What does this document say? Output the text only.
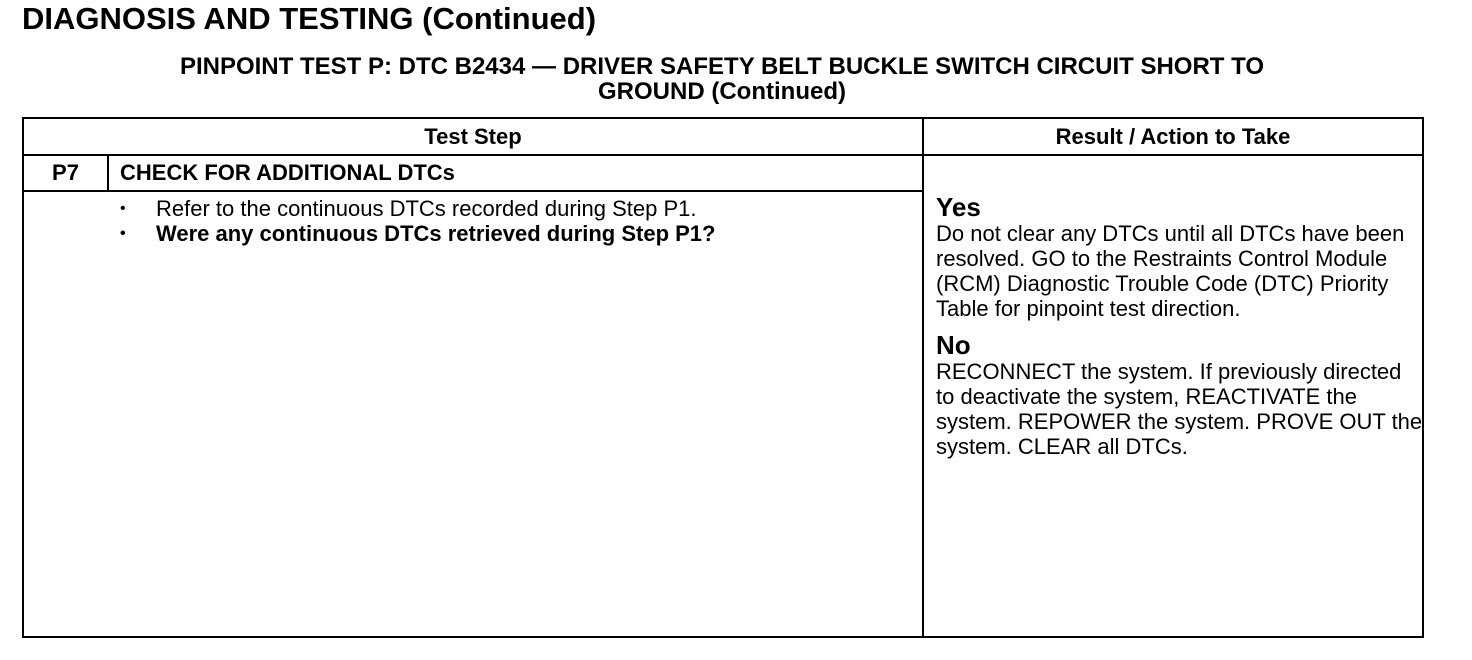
DIAGNOSIS AND TESTING (Continued)
PINPOINT TEST P: DTC B2434 — DRIVER SAFETY BELT BUCKLE SWITCH CIRCUIT SHORT TO
GROUND (Continued)
Test Step	Result / Action to Take
P7	CHECK FOR ADDITIONAL DTCs
• Refer to the continuous DTCs recorded during Step P1.
• Were any continuous DTCs retrieved during Step P1?
Yes
Do not clear any DTCs until all DTCs have been resolved. GO to the Restraints Control Module (RCM) Diagnostic Trouble Code (DTC) Priority Table for pinpoint test direction.
No
RECONNECT the system. If previously directed to deactivate the system, REACTIVATE the system. REPOWER the system. PROVE OUT the system. CLEAR all DTCs.
